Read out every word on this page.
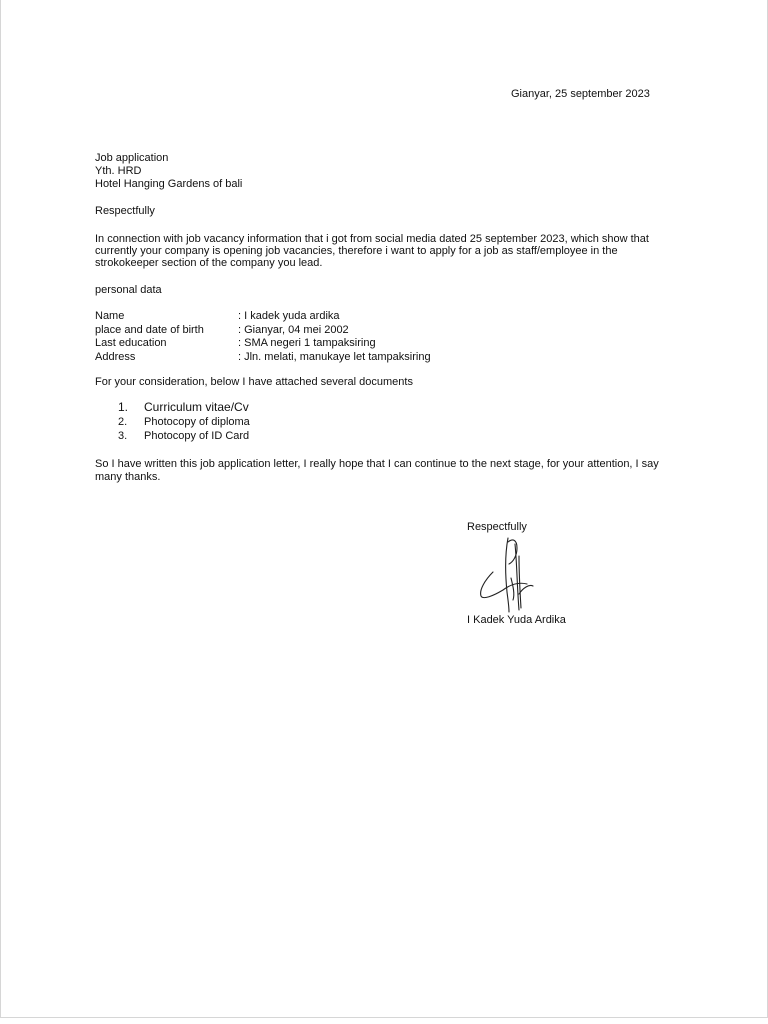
Gianyar, 25 september 2023
Job application
Yth. HRD
Hotel Hanging Gardens of bali
Respectfully
In connection with job vacancy information that i got from social media dated 25 september 2023, which show that currently your company is opening job vacancies, therefore i want to apply for a job as staff/employee in the strokokeeper section of the company you lead.
personal data
Name	: I kadek yuda ardika
place and date of birth	: Gianyar, 04 mei 2002
Last education	: SMA negeri 1 tampaksiring
Address	: Jln. melati, manukaye let tampaksiring
For your consideration, below I have attached several documents
1.	Curriculum vitae/Cv
2.	Photocopy of diploma
3.	Photocopy of ID Card
So I have written this job application letter, I really hope that I can continue to the next stage, for your attention, I say many thanks.
Respectfully
I Kadek Yuda Ardika
